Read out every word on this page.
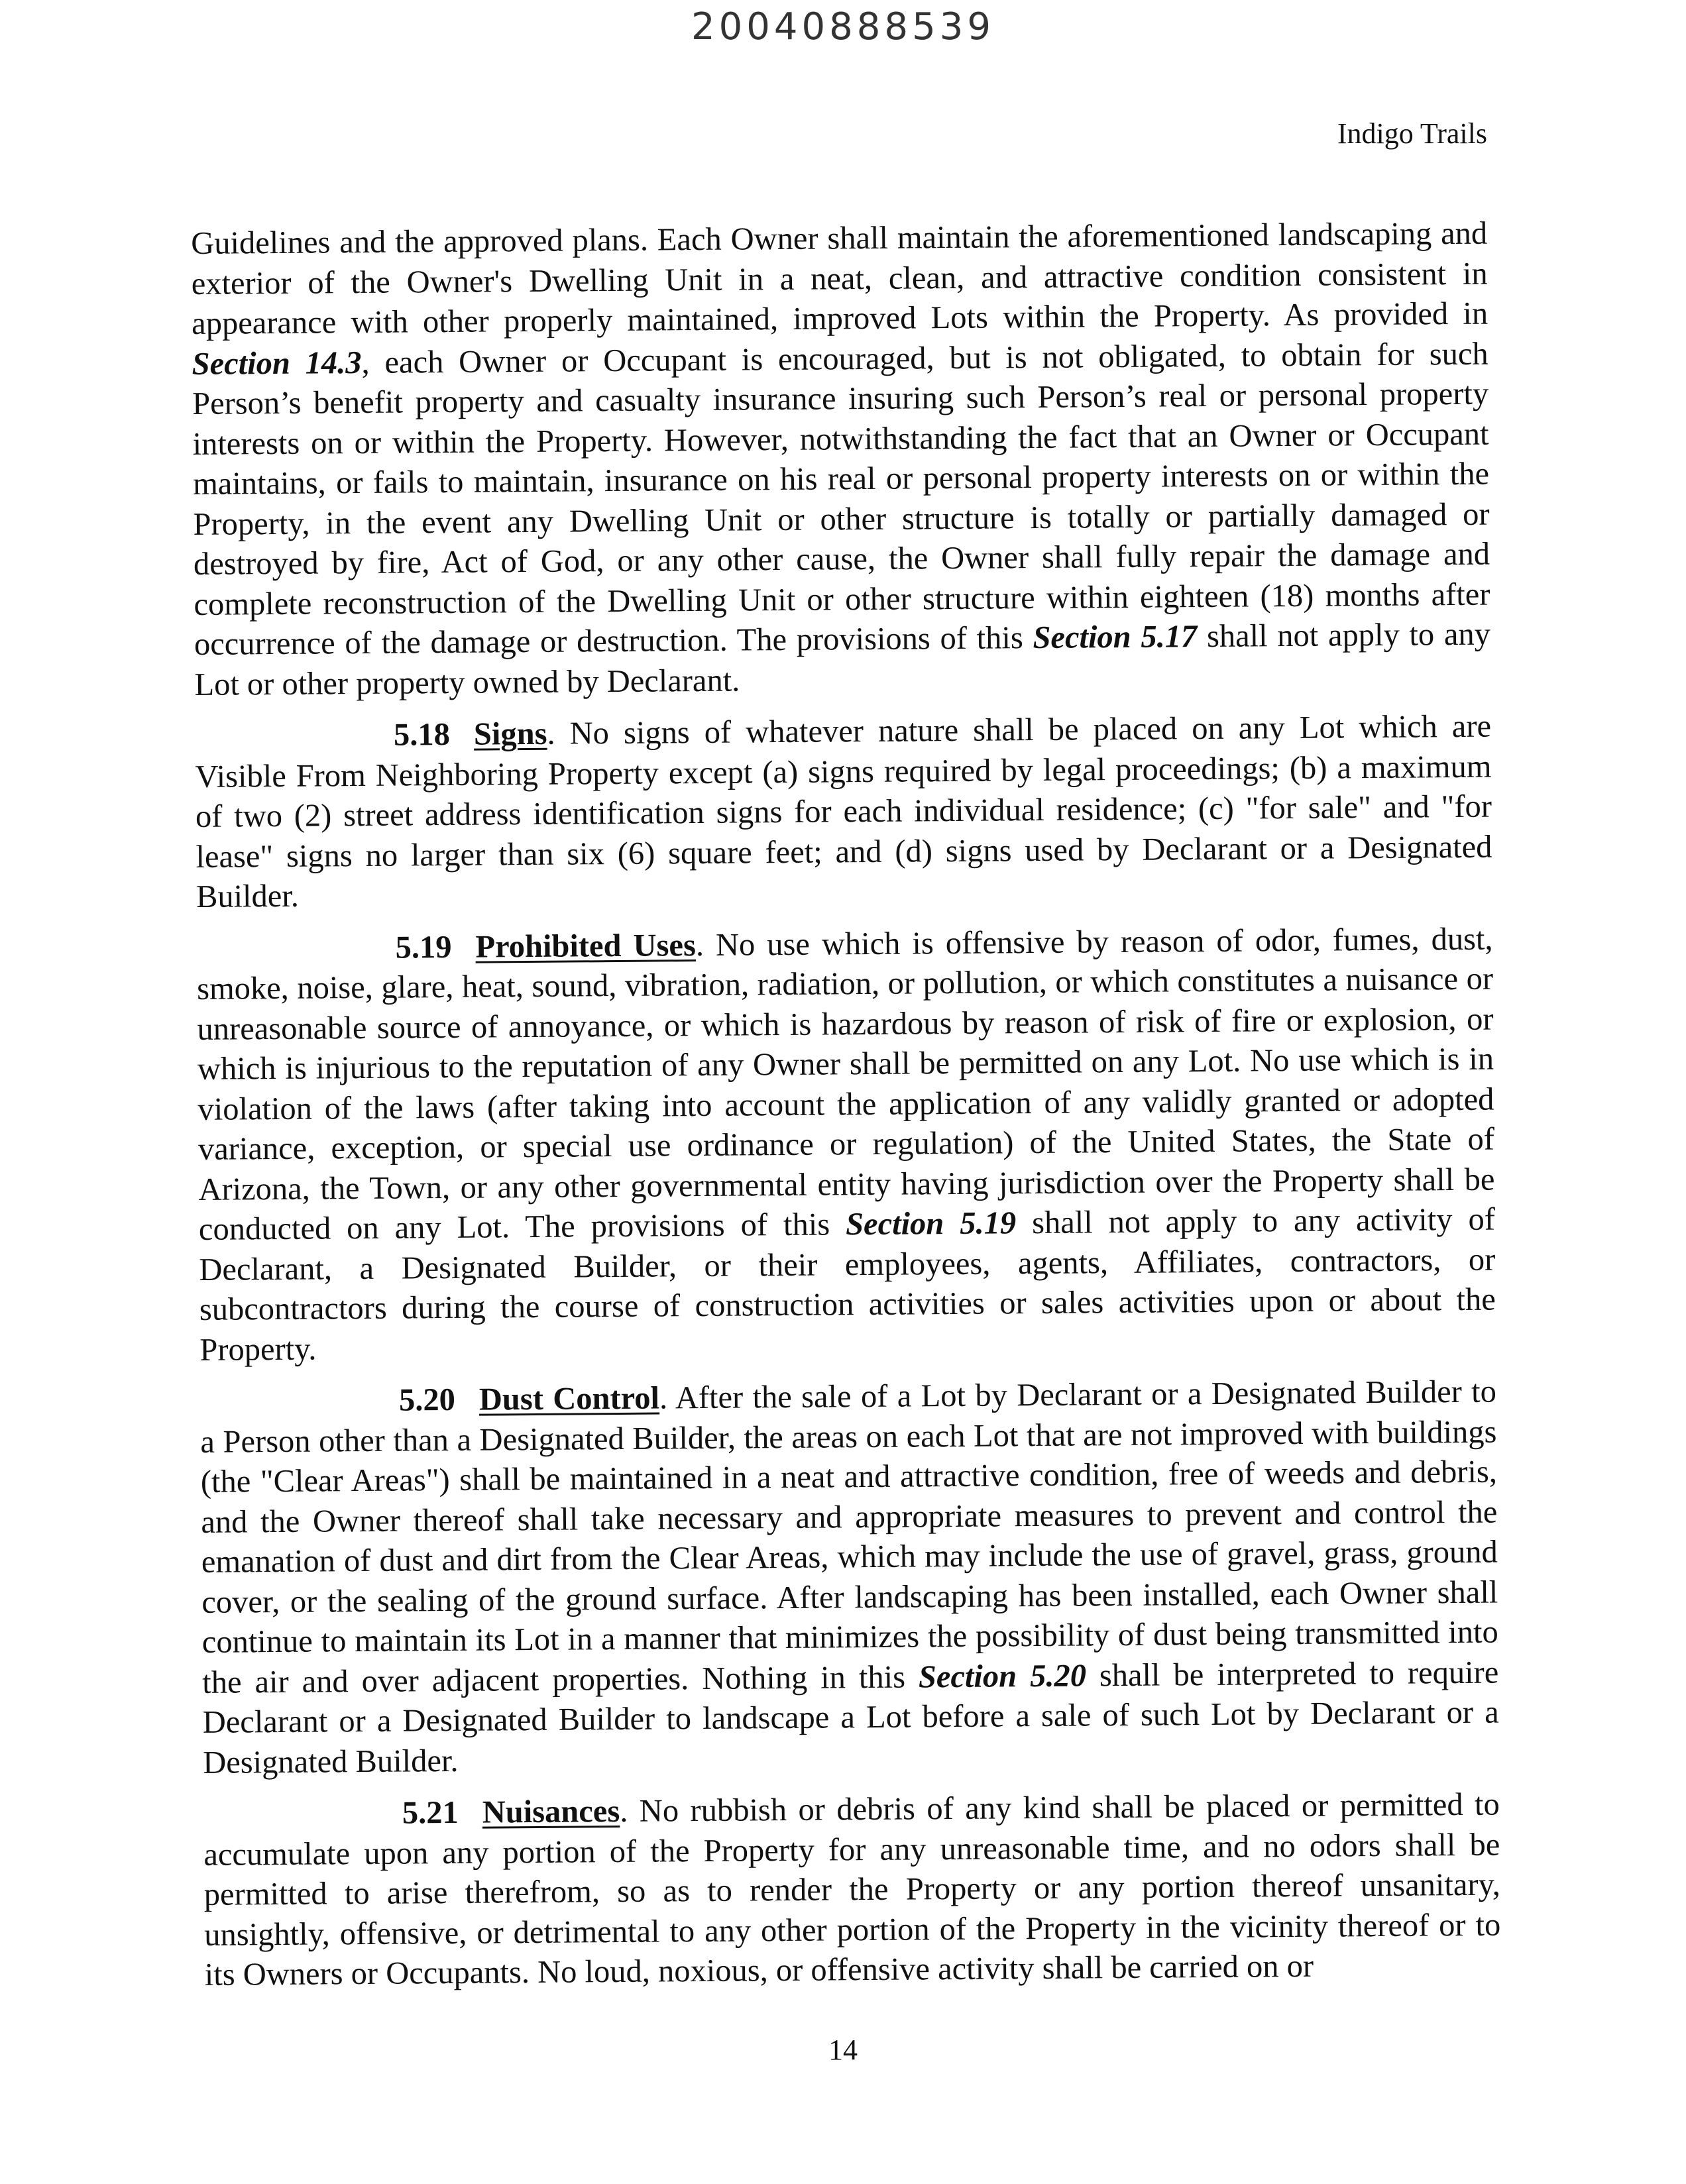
20040888539
Indigo Trails

Guidelines and the approved plans. Each Owner shall maintain the aforementioned landscaping and exterior of the Owner's Dwelling Unit in a neat, clean, and attractive condition consistent in appearance with other properly maintained, improved Lots within the Property. As provided in Section 14.3, each Owner or Occupant is encouraged, but is not obligated, to obtain for such Person’s benefit property and casualty insurance insuring such Person’s real or personal property interests on or within the Property. However, notwithstanding the fact that an Owner or Occupant maintains, or fails to maintain, insurance on his real or personal property interests on or within the Property, in the event any Dwelling Unit or other structure is totally or partially damaged or destroyed by fire, Act of God, or any other cause, the Owner shall fully repair the damage and complete reconstruction of the Dwelling Unit or other structure within eighteen (18) months after occurrence of the damage or destruction. The provisions of this Section 5.17 shall not apply to any Lot or other property owned by Declarant.

5.18 Signs. No signs of whatever nature shall be placed on any Lot which are Visible From Neighboring Property except (a) signs required by legal proceedings; (b) a maximum of two (2) street address identification signs for each individual residence; (c) "for sale" and "for lease" signs no larger than six (6) square feet; and (d) signs used by Declarant or a Designated Builder.

5.19 Prohibited Uses. No use which is offensive by reason of odor, fumes, dust, smoke, noise, glare, heat, sound, vibration, radiation, or pollution, or which constitutes a nuisance or unreasonable source of annoyance, or which is hazardous by reason of risk of fire or explosion, or which is injurious to the reputation of any Owner shall be permitted on any Lot. No use which is in violation of the laws (after taking into account the application of any validly granted or adopted variance, exception, or special use ordinance or regulation) of the United States, the State of Arizona, the Town, or any other governmental entity having jurisdiction over the Property shall be conducted on any Lot. The provisions of this Section 5.19 shall not apply to any activity of Declarant, a Designated Builder, or their employees, agents, Affiliates, contractors, or subcontractors during the course of construction activities or sales activities upon or about the Property.

5.20 Dust Control. After the sale of a Lot by Declarant or a Designated Builder to a Person other than a Designated Builder, the areas on each Lot that are not improved with buildings (the "Clear Areas") shall be maintained in a neat and attractive condition, free of weeds and debris, and the Owner thereof shall take necessary and appropriate measures to prevent and control the emanation of dust and dirt from the Clear Areas, which may include the use of gravel, grass, ground cover, or the sealing of the ground surface. After landscaping has been installed, each Owner shall continue to maintain its Lot in a manner that minimizes the possibility of dust being transmitted into the air and over adjacent properties. Nothing in this Section 5.20 shall be interpreted to require Declarant or a Designated Builder to landscape a Lot before a sale of such Lot by Declarant or a Designated Builder.

5.21 Nuisances. No rubbish or debris of any kind shall be placed or permitted to accumulate upon any portion of the Property for any unreasonable time, and no odors shall be permitted to arise therefrom, so as to render the Property or any portion thereof unsanitary, unsightly, offensive, or detrimental to any other portion of the Property in the vicinity thereof or to its Owners or Occupants. No loud, noxious, or offensive activity shall be carried on or

14
